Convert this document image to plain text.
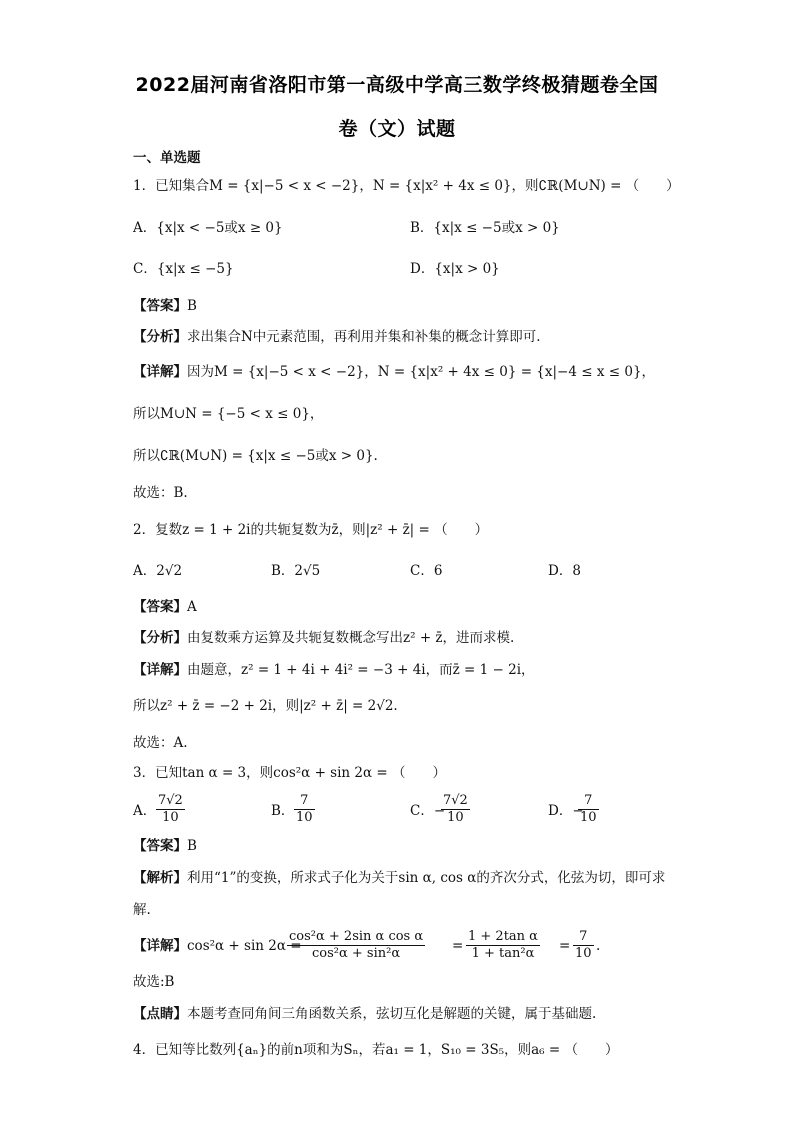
2022届河南省洛阳市第一高级中学高三数学终极猜题卷全国
卷（文）试题
一、单选题
1．已知集合M = {x|−5 < x < −2}，N = {x|x² + 4x ≤ 0}，则∁ℝ(M∪N) = （　　）
A．{x|x < −5或x ≥ 0}	B．{x|x ≤ −5或x > 0}
C．{x|x ≤ −5}	D．{x|x > 0}
【答案】B
【分析】求出集合N中元素范围，再利用并集和补集的概念计算即可.
【详解】因为M = {x|−5 < x < −2}，N = {x|x² + 4x ≤ 0} = {x|−4 ≤ x ≤ 0}，
所以M∪N = {−5 < x ≤ 0}，
所以∁ℝ(M∪N) = {x|x ≤ −5或x > 0}.
故选：B.
2．复数z = 1 + 2i的共轭复数为z̄，则|z² + z̄| = （　　）
A．2√2	B．2√5	C．6	D．8
【答案】A
【分析】由复数乘方运算及共轭复数概念写出z² + z̄，进而求模.
【详解】由题意，z² = 1 + 4i + 4i² = −3 + 4i，而z̄ = 1 − 2i，
所以z² + z̄ = −2 + 2i，则|z² + z̄| = 2√2.
故选：A.
3．已知tan α = 3，则cos²α + sin 2α = （　　）
A． $\frac{7√2}{10}$	B． $\frac{7}{10}$	C．−
$\frac{7√2}{10}$	D．−
$\frac{7}{10}$
【答案】B
【解析】利用“1”的变换，所求式子化为关于sin α, cos α的齐次分式，化弦为切，即可求
解.
【详解】cos²α + sin 2α =
$\frac{\text{cos²α + 2sin α cos α}}{\text{cos²α + sin²α}} = \frac{\text{1 + 2tan α}}{\text{1 + tan²α}} = \frac{7}{10}$ .
故选:B
【点睛】本题考查同角间三角函数关系，弦切互化是解题的关键，属于基础题.
4．已知等比数列{aₙ}的前n项和为Sₙ，若a₁ = 1，S₁₀ = 3S₅，则a₆ = （　　）
